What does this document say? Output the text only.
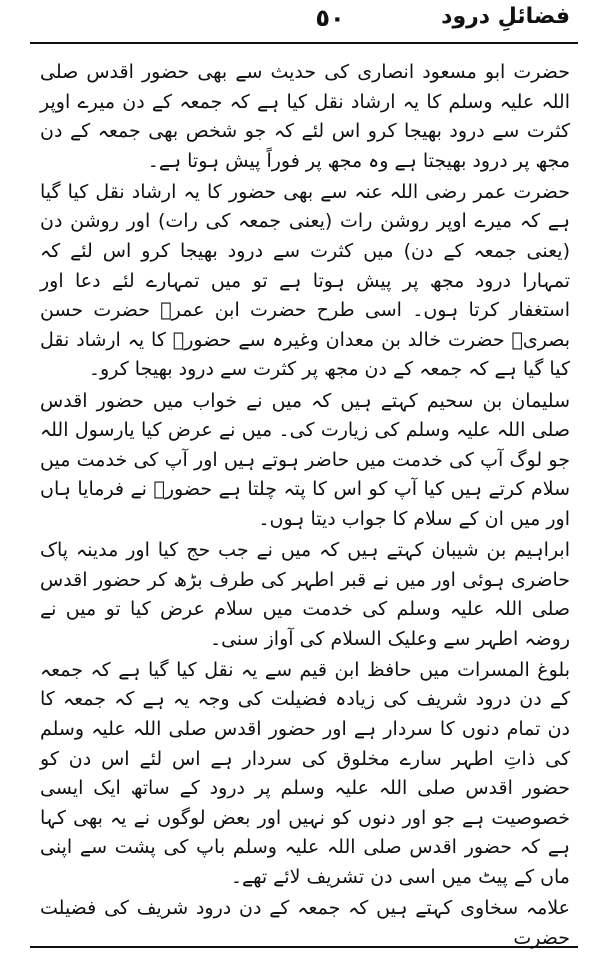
٥٠	فضائلِ درود

حضرت ابو مسعود انصاری کی حدیث سے بھی حضور اقدس صلی اللہ علیہ وسلم کا یہ ارشاد نقل کیا ہے کہ جمعہ کے دن میرے اوپر کثرت سے درود بھیجا کرو اس لئے کہ جو شخص بھی جمعہ کے دن مجھ پر درود بھیجتا ہے وہ مجھ پر فوراً پیش ہوتا ہے۔

حضرت عمر رضی اللہ عنہ سے بھی حضور کا یہ ارشاد نقل کیا گیا ہے کہ میرے اوپر روشن رات (یعنی جمعہ کی رات) اور روشن دن (یعنی جمعہ کے دن) میں کثرت سے درود بھیجا کرو اس لئے کہ تمہارا درود مجھ پر پیش ہوتا ہے تو میں تمہارے لئے دعا اور استغفار کرتا ہوں۔ اسی طرح حضرت ابن عمرؓ حضرت حسن بصریؒ حضرت خالد بن معدان وغیرہ سے حضورؐ کا یہ ارشاد نقل کیا گیا ہے کہ جمعہ کے دن مجھ پر کثرت سے درود بھیجا کرو۔

سلیمان بن سحیم کہتے ہیں کہ میں نے خواب میں حضور اقدس صلی اللہ علیہ وسلم کی زیارت کی۔ میں نے عرض کیا یارسول اللہ جو لوگ آپ کی خدمت میں حاضر ہوتے ہیں اور آپ کی خدمت میں سلام کرتے ہیں کیا آپ کو اس کا پتہ چلتا ہے حضورؐ نے فرمایا ہاں اور میں ان کے سلام کا جواب دیتا ہوں۔

ابراہیم بن شیبان کہتے ہیں کہ میں نے جب حج کیا اور مدینہ پاک حاضری ہوئی اور میں نے قبر اطہر کی طرف بڑھ کر حضور اقدس صلی اللہ علیہ وسلم کی خدمت میں سلام عرض کیا تو میں نے روضہ اطہر سے وعلیک السلام کی آواز سنی۔

بلوغ المسرات میں حافظ ابن قیم سے یہ نقل کیا گیا ہے کہ جمعہ کے دن درود شریف کی زیادہ فضیلت کی وجہ یہ ہے کہ جمعہ کا دن تمام دنوں کا سردار ہے اور حضور اقدس صلی اللہ علیہ وسلم کی ذاتِ اطہر سارے مخلوق کی سردار ہے اس لئے اس دن کو حضور اقدس صلی اللہ علیہ وسلم پر درود کے ساتھ ایک ایسی خصوصیت ہے جو اور دنوں کو نہیں اور بعض لوگوں نے یہ بھی کہا ہے کہ حضور اقدس صلی اللہ علیہ وسلم باپ کی پشت سے اپنی ماں کے پیٹ میں اسی دن تشریف لائے تھے۔

علامہ سخاوی کہتے ہیں کہ جمعہ کے دن درود شریف کی فضیلت حضرت
